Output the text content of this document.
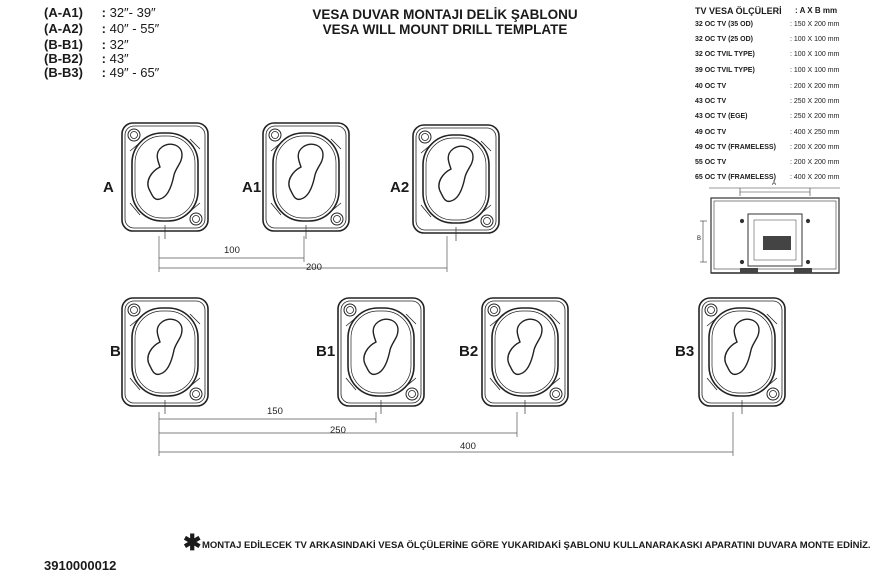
(A-A1) : 32″- 39″
(A-A2) : 40″ - 55″
(B-B1) : 32″
(B-B2) : 43″
(B-B3) : 49″ - 65″
VESA DUVAR MONTAJI DELİK ŞABLONU
VESA WILL MOUNT DRILL TEMPLATE
TV VESA ÖLÇÜLERİ : A X B mm
32 OC TV (35 OD)	: 150 X 200 mm
32 OC TV (25 OD)	: 100 X 100 mm
32 OC TVIL TYPE)	: 100 X 100 mm
39 OC TVIL TYPE)	: 100 X 100 mm
40 OC TV	: 200 X 200 mm
43 OC TV	: 250 X 200 mm
43 OC TV (EGE)	: 250 X 200 mm
49 OC TV	: 400 X 250 mm
49 OC TV (FRAMELESS) : 200 X 200 mm
55 OC TV	: 200 X 200 mm
65 OC TV (FRAMELESS) : 400 X 200 mm
A
B
A	A1	A2
B	B1	B2	B3
100
200
150
250
400
✱ MONTAJ EDİLECEK TV ARKASINDAKİ VESA ÖLÇÜLERİNE GÖRE YUKARIDAKİ ŞABLONU KULLANARAKASKI APARATINI DUVARA MONTE EDİNİZ.
3910000012
